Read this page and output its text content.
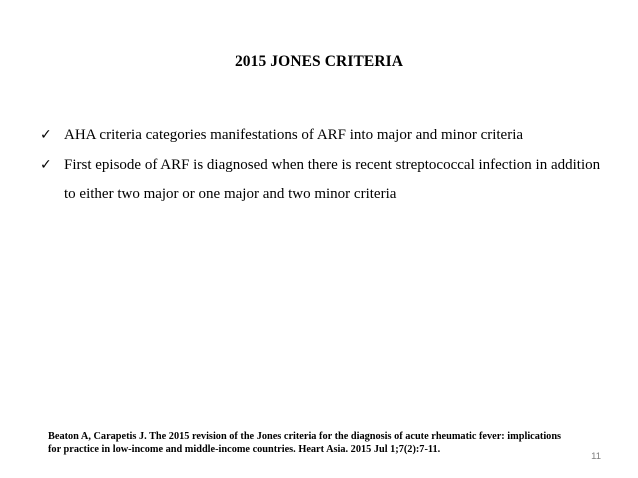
2015 JONES CRITERIA
✓ AHA criteria categories manifestations of ARF into major and minor criteria
✓ First episode of ARF is diagnosed when there is recent streptococcal infection in addition to either two major or one major and two minor criteria
Beaton A, Carapetis J. The 2015 revision of the Jones criteria for the diagnosis of acute rheumatic fever: implications
for practice in low-income and middle-income countries. Heart Asia. 2015 Jul 1;7(2):7-11.
11
